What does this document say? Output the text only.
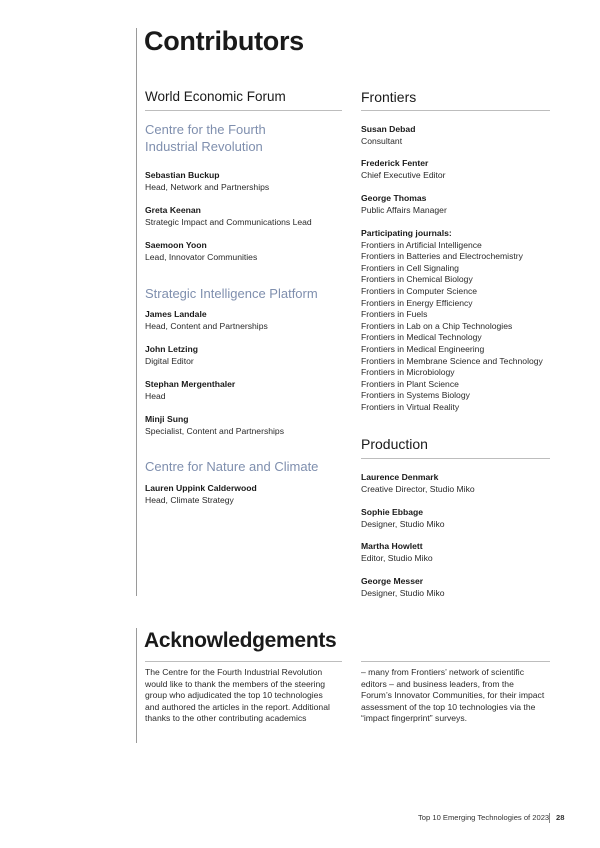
Contributors
World Economic Forum	Frontiers
Production
Acknowledgements
The Centre for the Fourth Industrial Revolution
would like to thank the members of the steering
group who adjudicated the top 10 technologies
and authored the articles in the report. Additional
thanks to the other contributing academics
– many from Frontiers’ network of scientific
editors – and business leaders, from the
Forum’s Innovator Communities, for their impact
assessment of the top 10 technologies via the
“impact fingerprint” surveys.
Top 10 Emerging Technologies of 2023 28
Centre for the Fourth
Industrial Revolution
Sebastian Buckup
Head, Network and Partnerships
Greta Keenan
Strategic Impact and Communications Lead
Saemoon Yoon
Lead, Innovator Communities
Strategic Intelligence Platform
James Landale
Head, Content and Partnerships
John Letzing
Digital Editor
Stephan Mergenthaler
Head
Minji Sung
Specialist, Content and Partnerships
Centre for Nature and Climate
Lauren Uppink Calderwood
Head, Climate Strategy
Susan Debad
Consultant
Frederick Fenter
Chief Executive Editor
George Thomas
Public Affairs Manager
Participating journals:
Frontiers in Artificial Intelligence
Frontiers in Batteries and Electrochemistry
Frontiers in Cell Signaling
Frontiers in Chemical Biology
Frontiers in Computer Science
Frontiers in Energy Efficiency
Frontiers in Fuels
Frontiers in Lab on a Chip Technologies
Frontiers in Medical Technology
Frontiers in Medical Engineering
Frontiers in Membrane Science and Technology
Frontiers in Microbiology
Frontiers in Plant Science
Frontiers in Systems Biology
Frontiers in Virtual Reality
Laurence Denmark
Creative Director, Studio Miko
Sophie Ebbage
Designer, Studio Miko
Martha Howlett
Editor, Studio Miko
George Messer
Designer, Studio Miko
